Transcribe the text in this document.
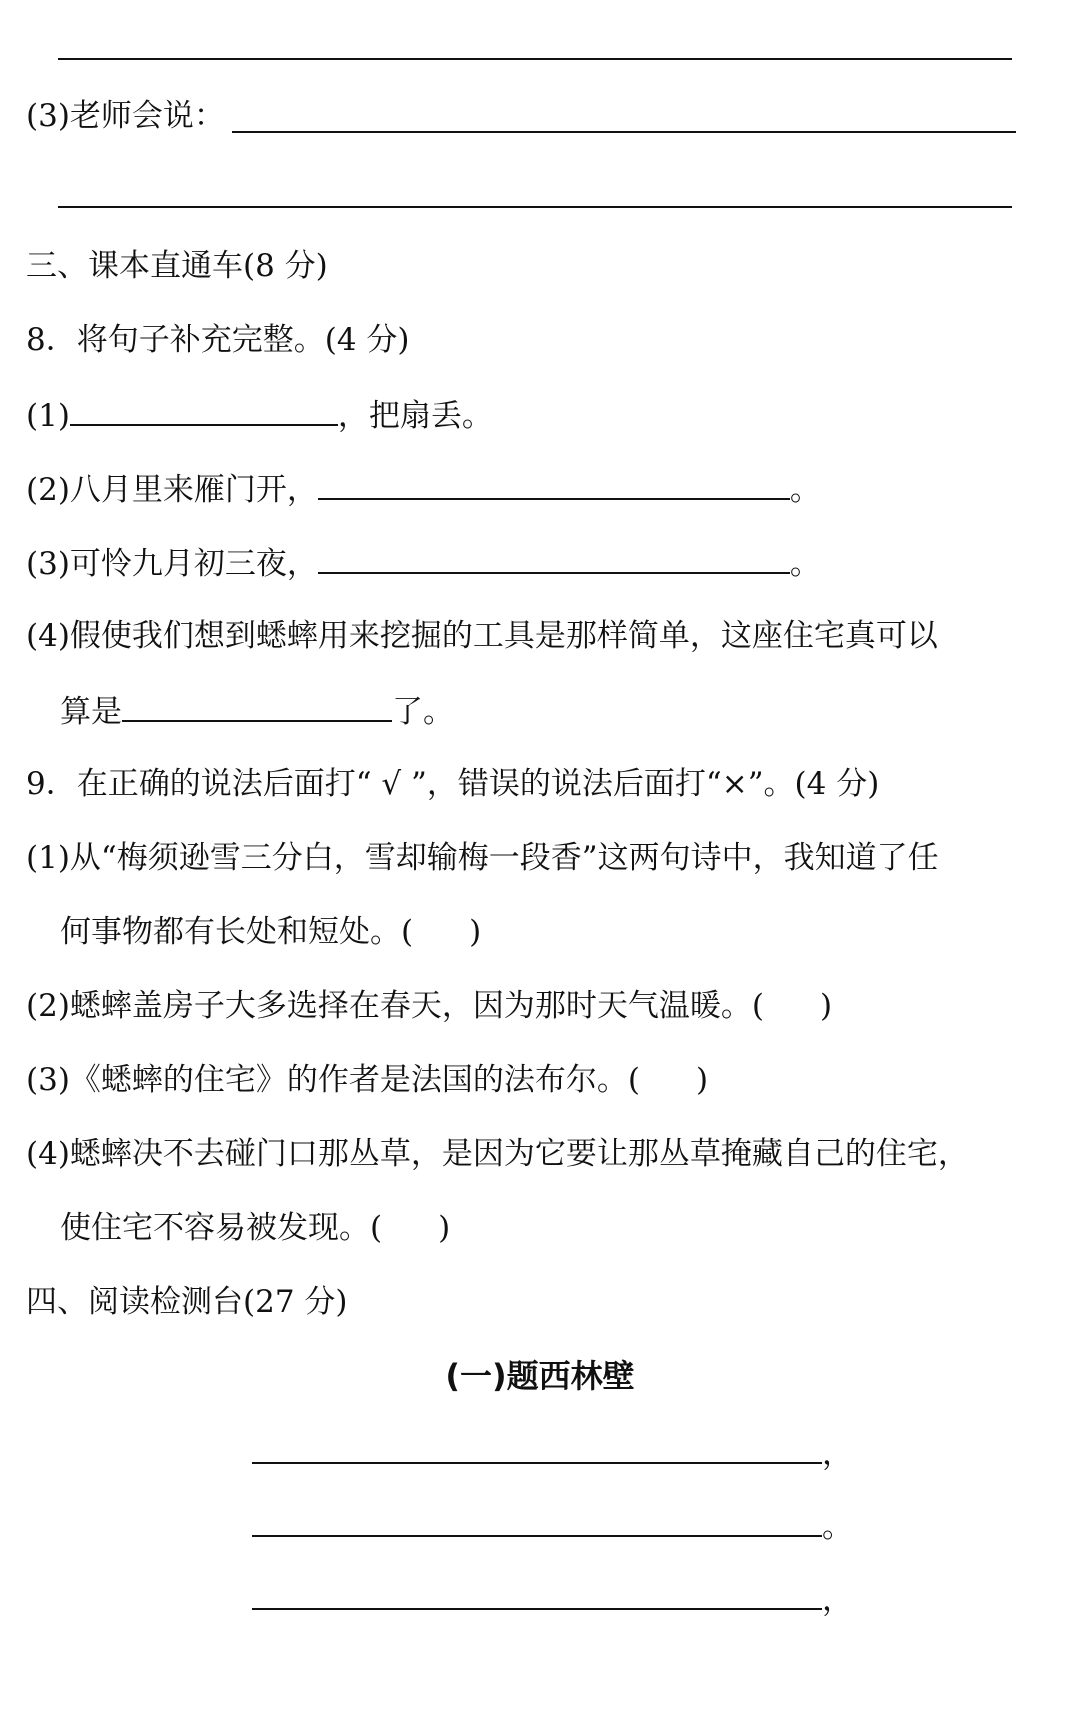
(3)老师会说：
三、课本直通车(8 分)
8．将句子补充完整。(4 分)
(1)	，把扇丢。
(2)八月里来雁门开，	。
(3)可怜九月初三夜，	。
(4)假使我们想到蟋蟀用来挖掘的工具是那样简单，这座住宅真可以
算是	了。
9．在正确的说法后面打“ √ ”，错误的说法后面打“×”。(4 分)
(1)从“梅须逊雪三分白，雪却输梅一段香”这两句诗中，我知道了任
何事物都有长处和短处。( )
(2)蟋蟀盖房子大多选择在春天，因为那时天气温暖。( )
(3)《蟋蟀的住宅》的作者是法国的法布尔。( )
(4)蟋蟀决不去碰门口那丛草，是因为它要让那丛草掩藏自己的住宅，
使住宅不容易被发现。( )
四、阅读检测台(27 分)
(一)题西林壁
，
。
，
